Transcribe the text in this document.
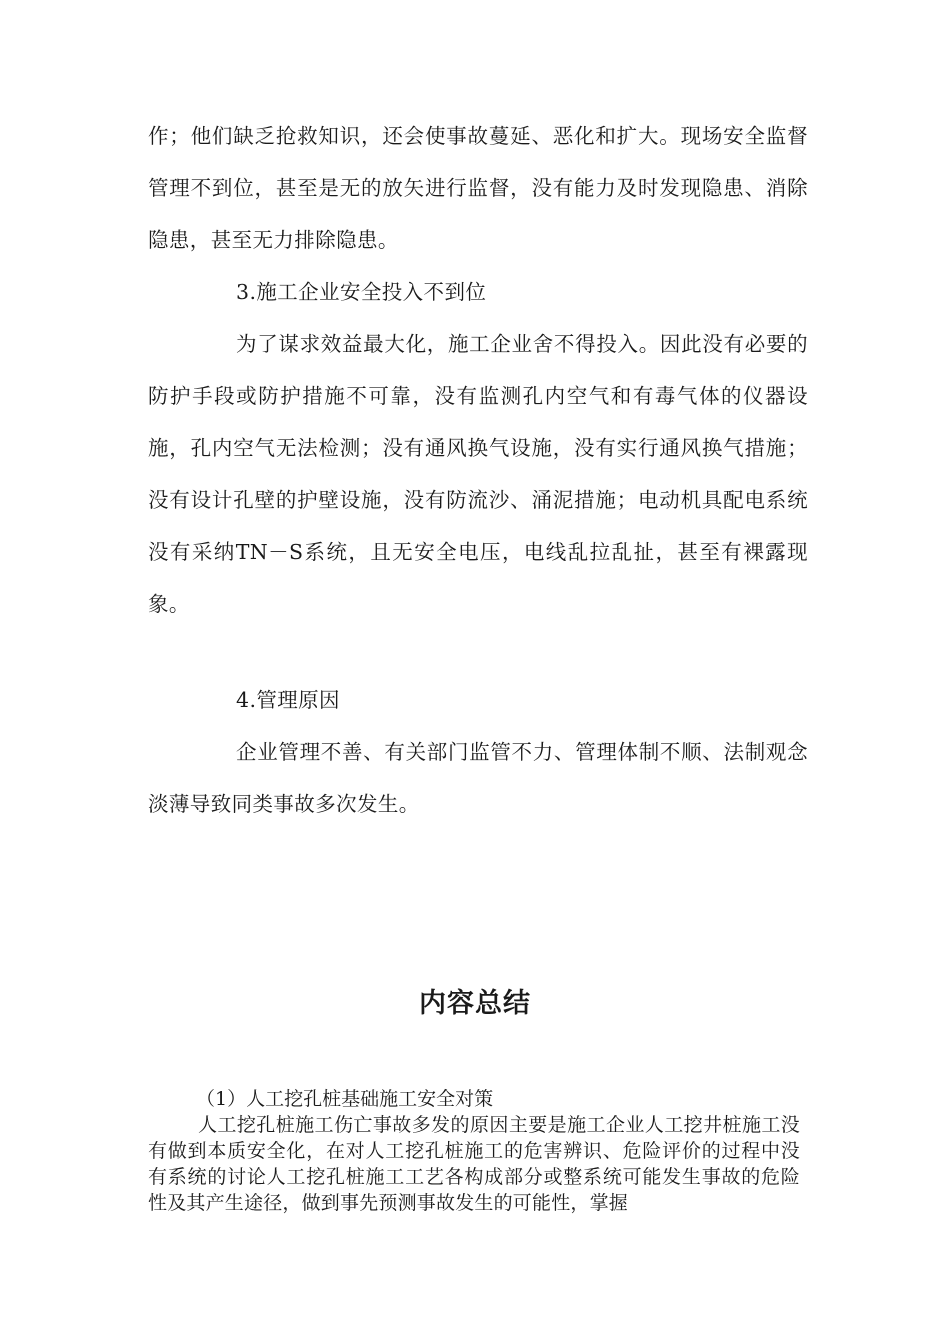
作；他们缺乏抢救知识，还会使事故蔓延、恶化和扩大。现场安全监督管理不到位，甚至是无的放矢进行监督，没有能力及时发现隐患、消除隐患，甚至无力排除隐患。

3.施工企业安全投入不到位

为了谋求效益最大化，施工企业舍不得投入。因此没有必要的防护手段或防护措施不可靠，没有监测孔内空气和有毒气体的仪器设施，孔内空气无法检测；没有通风换气设施，没有实行通风换气措施；没有设计孔壁的护壁设施，没有防流沙、涌泥措施；电动机具配电系统没有采纳TN－S系统，且无安全电压，电线乱拉乱扯，甚至有裸露现象。

4.管理原因

企业管理不善、有关部门监管不力、管理体制不顺、法制观念淡薄导致同类事故多次发生。

内容总结

（1）人工挖孔桩基础施工安全对策

人工挖孔桩施工伤亡事故多发的原因主要是施工企业人工挖井桩施工没有做到本质安全化，在对人工挖孔桩施工的危害辨识、危险评价的过程中没有系统的讨论人工挖孔桩施工工艺各构成部分或整系统可能发生事故的危险性及其产生途径，做到事先预测事故发生的可能性，掌握
